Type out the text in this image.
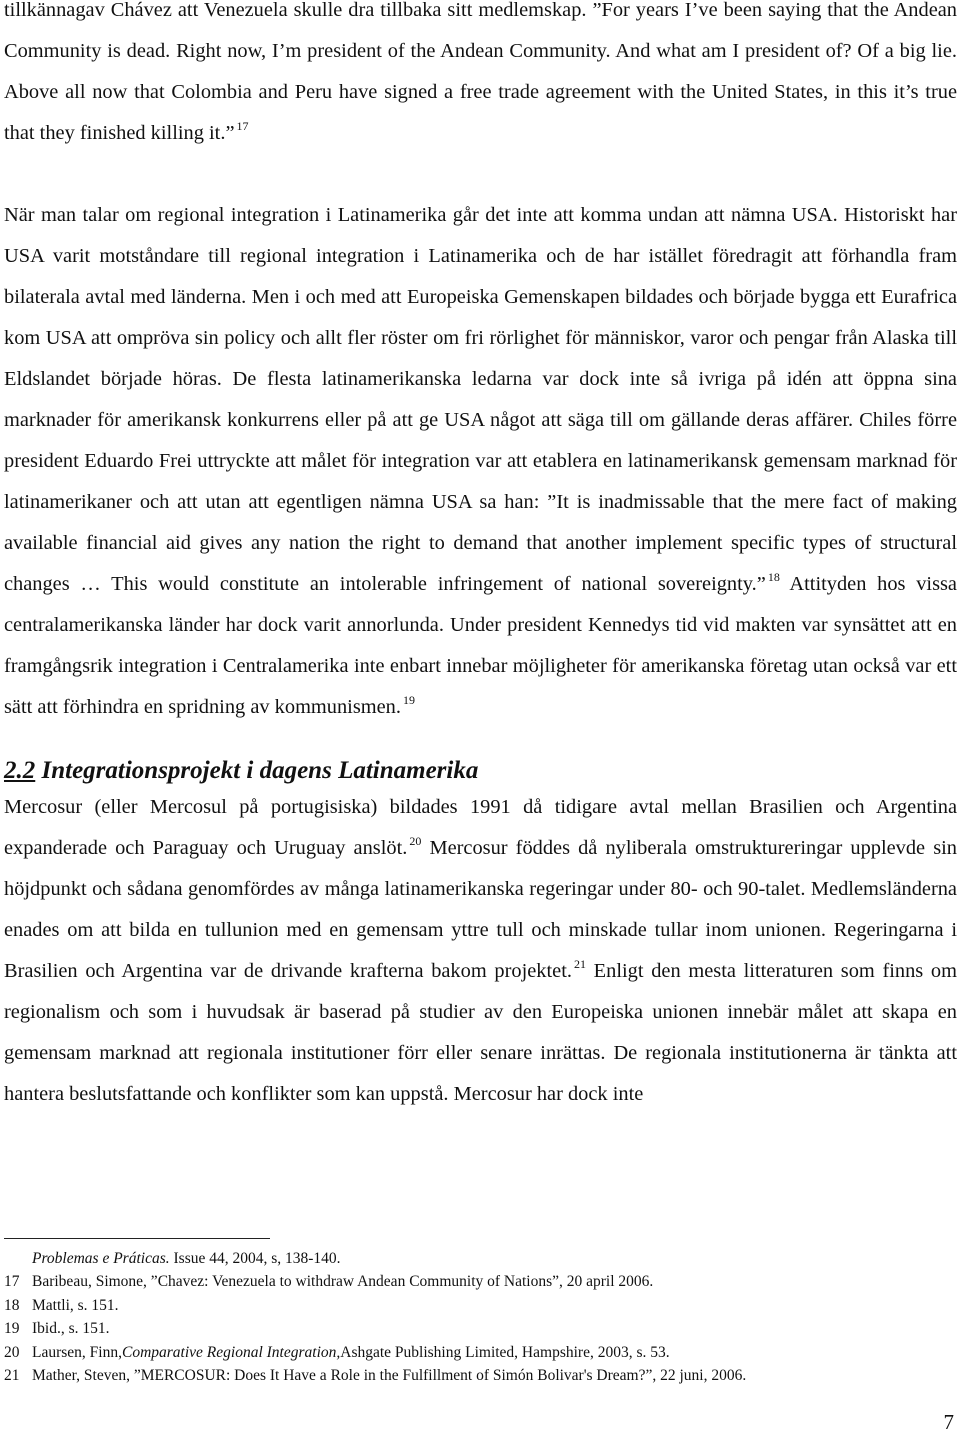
tillkännagav Chávez att Venezuela skulle dra tillbaka sitt medlemskap. ”For years I’ve been saying that the Andean Community is dead. Right now, I’m president of the Andean Community. And what am I president of? Of a big lie. Above all now that Colombia and Peru have signed a free trade agreement with the United States, in this it’s true that they finished killing it.” $^{17}$

När man talar om regional integration i Latinamerika går det inte att komma undan att nämna USA. Historiskt har USA varit motståndare till regional integration i Latinamerika och de har istället föredragit att förhandla fram bilaterala avtal med länderna. Men i och med att Europeiska Gemenskapen bildades och började bygga ett Eurafrica kom USA att ompröva sin policy och allt fler röster om fri rörlighet för människor, varor och pengar från Alaska till Eldslandet började höras. De flesta latinamerikanska ledarna var dock inte så ivriga på idén att öppna sina marknader för amerikansk konkurrens eller på att ge USA något att säga till om gällande deras affärer. Chiles förre president Eduardo Frei uttryckte att målet för integration var att etablera en latinamerikansk gemensam marknad för latinamerikaner och att utan att egentligen nämna USA sa han: ”It is inadmissable that the mere fact of making available financial aid gives any nation the right to demand that another implement specific types of structural changes … This would constitute an intolerable infringement of national sovereignty.” $^{18}$ Attityden hos vissa centralamerikanska länder har dock varit annorlunda. Under president Kennedys tid vid makten var synsättet att en framgångsrik integration i Centralamerika inte enbart innebar möjligheter för amerikanska företag utan också var ett sätt att förhindra en spridning av kommunismen. $^{19}$

2.2 Integrationsprojekt i dagens Latinamerika

Mercosur (eller Mercosul på portugisiska) bildades 1991 då tidigare avtal mellan Brasilien och Argentina expanderade och Paraguay och Uruguay anslöt. $^{20}$ Mercosur föddes då nyliberala omstruktureringar upplevde sin höjdpunkt och sådana genomfördes av många latinamerikanska regeringar under 80- och 90-talet. Medlemsländerna enades om att bilda en tullunion med en gemensam yttre tull och minskade tullar inom unionen. Regeringarna i Brasilien och Argentina var de drivande krafterna bakom projektet. $^{21}$ Enligt den mesta litteraturen som finns om regionalism och som i huvudsak är baserad på studier av den Europeiska unionen innebär målet att skapa en gemensam marknad att regionala institutioner förr eller senare inrättas. De regionala institutionerna är tänkta att hantera beslutsfattande och konflikter som kan uppstå. Mercosur har dock inte

Problemas e Práticas. Issue 44, 2004, s, 138-140.
17 Baribeau, Simone, ”Chavez: Venezuela to withdraw Andean Community of Nations”, 20 april 2006.
18 Mattli, s. 151.
19 Ibid., s. 151.
20 Laursen, Finn, Comparative Regional Integration, Ashgate Publishing Limited, Hampshire, 2003, s. 53.
21 Mather, Steven, ”MERCOSUR: Does It Have a Role in the Fulfillment of Simón Bolivar's Dream?”, 22 juni, 2006.
7
